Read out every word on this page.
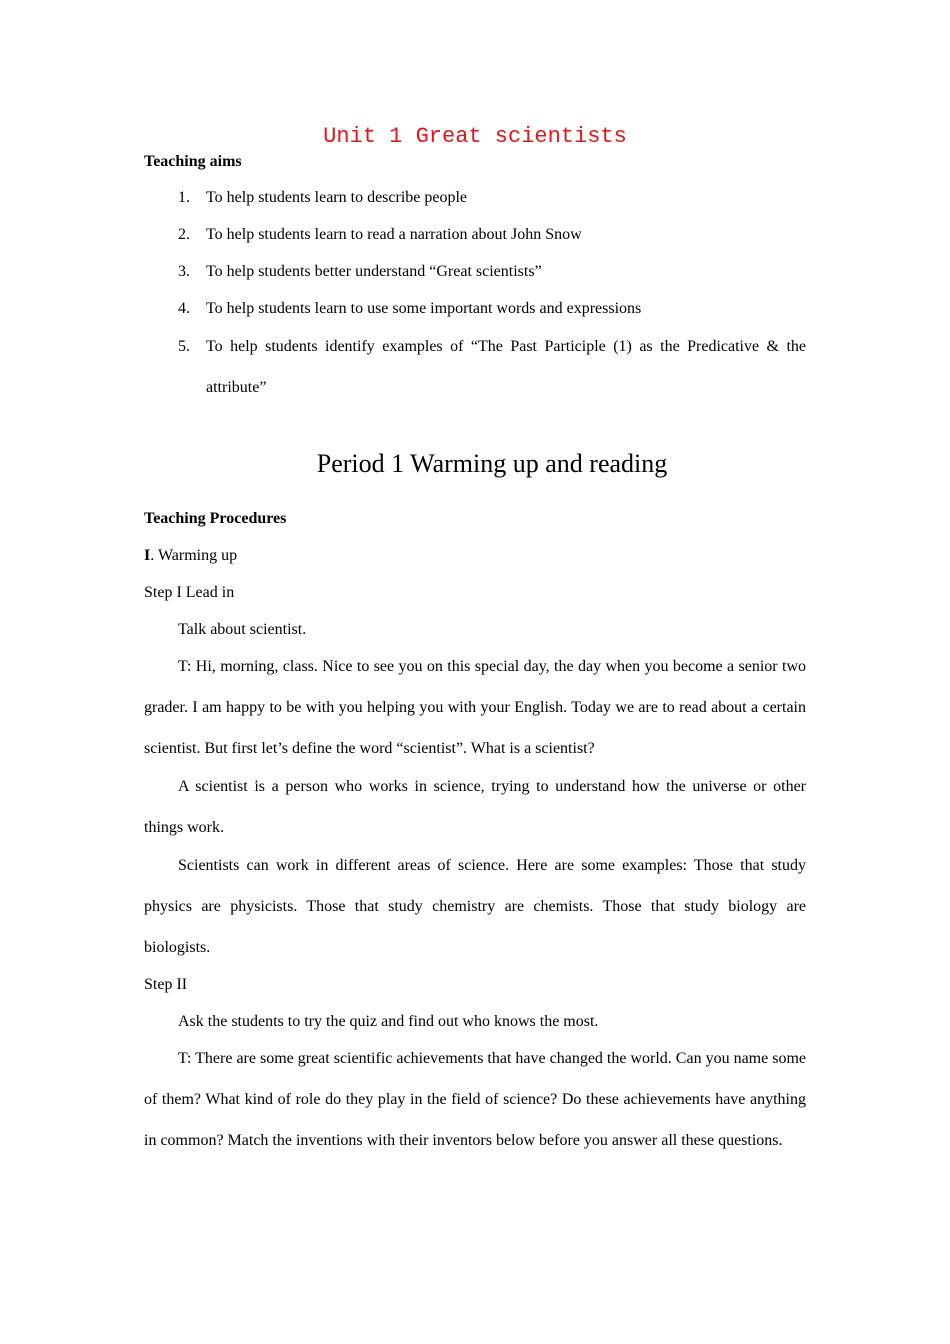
Unit 1 Great scientists
Teaching aims
1. To help students learn to describe people
2. To help students learn to read a narration about John Snow
3. To help students better understand “Great scientists”
4. To help students learn to use some important words and expressions
5. To help students identify examples of “The Past Participle (1) as the Predicative & the attribute”
Period 1 Warming up and reading
Teaching Procedures
I. Warming up
Step I Lead in
Talk about scientist.

T: Hi, morning, class. Nice to see you on this special day, the day when you become a senior two grader. I am happy to be with you helping you with your English. Today we are to read about a certain scientist. But first let’s define the word “scientist”. What is a scientist?

A scientist is a person who works in science, trying to understand how the universe or other things work.

Scientists can work in different areas of science. Here are some examples: Those that study physics are physicists. Those that study chemistry are chemists. Those that study biology are biologists.

Step II
Ask the students to try the quiz and find out who knows the most.

T: There are some great scientific achievements that have changed the world. Can you name some of them? What kind of role do they play in the field of science? Do these achievements have anything in common? Match the inventions with their inventors below before you answer all these questions.
